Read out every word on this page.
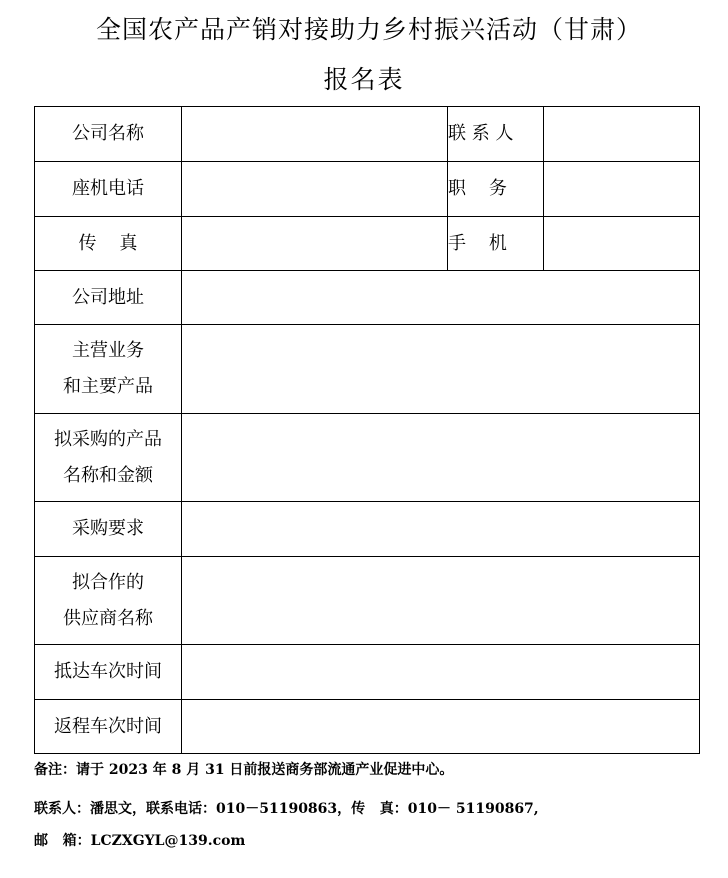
全国农产品产销对接助力乡村振兴活动（甘肃）
报名表
公司名称		联 系 人	
座机电话		职    务	
传    真		手    机	
公司地址			

主营业务
和主要产品			

拟采购的产品
名称和金额			

采购要求			

拟合作的
供应商名称			

抵达车次时间			
返程车次时间			
备注：请于 2023 年 8 月 31 日前报送商务部流通产业促进中心。
联系人：潘思文，联系电话：010－51190863，传   真：010－ 51190867,
邮   箱：LCZXGYL@139.com
